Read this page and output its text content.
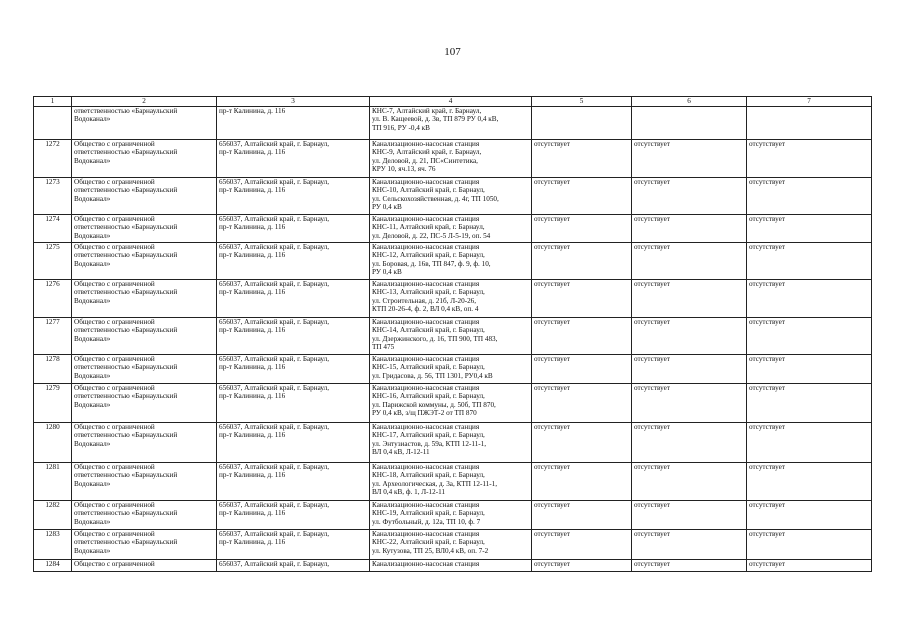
107
1	2	3	4	5	6	7

	ответственностью «Барнаульский
Водоканал»	пр-т Калинина, д. 116	КНС-7, Алтайский край, г. Барнаул,
ул. В. Кащеевой, д. 3в, ТП 879 РУ 0,4 кВ,
ТП 916, РУ -0,4 кВ			

1272	Общество с ограниченной
ответственностью «Барнаульский
Водоканал»	656037, Алтайский край, г. Барнаул,
пр-т Калинина, д. 116	Канализационно-насосная станция
КНС-9, Алтайский край, г. Барнаул,
ул. Деловой, д. 21, ПС«Синтетика,
КРУ 10, яч.13, яч. 76	отсутствует	отсутствует	отсутствует

1273	Общество с ограниченной
ответственностью «Барнаульский
Водоканал»	656037, Алтайский край, г. Барнаул,
пр-т Калинина, д. 116	Канализационно-насосная станция
КНС-10, Алтайский край, г. Барнаул,
ул. Сельскохозяйственная, д. 4г, ТП 1050,
РУ 0,4 кВ	отсутствует	отсутствует	отсутствует

1274	Общество с ограниченной
ответственностью «Барнаульский
Водоканал»	656037, Алтайский край, г. Барнаул,
пр-т Калинина, д. 116	Канализационно-насосная станция
КНС-11, Алтайский край, г. Барнаул,
ул. Деловой, д. 22, ПС-5 Л-5-19, оп. 54	отсутствует	отсутствует	отсутствует

1275	Общество с ограниченной
ответственностью «Барнаульский
Водоканал»	656037, Алтайский край, г. Барнаул,
пр-т Калинина, д. 116	Канализационно-насосная станция
КНС-12, Алтайский край, г. Барнаул,
ул. Боровая, д. 16в, ТП 847, ф. 9, ф. 10,
РУ 0,4 кВ	отсутствует	отсутствует	отсутствует

1276	Общество с ограниченной
ответственностью «Барнаульский
Водоканал»	656037, Алтайский край, г. Барнаул,
пр-т Калинина, д. 116	Канализационно-насосная станция
КНС-13, Алтайский край, г. Барнаул,
ул. Строительная, д. 21б, Л-20-26,
КТП 20-26-4, ф. 2, ВЛ 0,4 кВ, оп. 4	отсутствует	отсутствует	отсутствует

1277	Общество с ограниченной
ответственностью «Барнаульский
Водоканал»	656037, Алтайский край, г. Барнаул,
пр-т Калинина, д. 116	Канализационно-насосная станция
КНС-14, Алтайский край, г. Барнаул,
ул. Дзержинского, д. 16, ТП 900, ТП 483,
ТП 475	отсутствует	отсутствует	отсутствует

1278	Общество с ограниченной
ответственностью «Барнаульский
Водоканал»	656037, Алтайский край, г. Барнаул,
пр-т Калинина, д. 116	Канализационно-насосная станция
КНС-15, Алтайский край, г. Барнаул,
ул. Гридасова, д. 56, ТП 1301, РУ0,4 кВ	отсутствует	отсутствует	отсутствует

1279	Общество с ограниченной
ответственностью «Барнаульский
Водоканал»	656037, Алтайский край, г. Барнаул,
пр-т Калинина, д. 116	Канализационно-насосная станция
КНС-16, Алтайский край, г. Барнаул,
ул. Парижской коммуны, д. 50б, ТП 870,
РУ 0,4 кВ, з/щ ПЖЭТ-2 от ТП 870	отсутствует	отсутствует	отсутствует

1280	Общество с ограниченной
ответственностью «Барнаульский
Водоканал»	656037, Алтайский край, г. Барнаул,
пр-т Калинина, д. 116	Канализационно-насосная станция
КНС-17, Алтайский край, г. Барнаул,
ул. Энтузиастов, д. 59а, КТП 12-11-1,
ВЛ 0,4 кВ, Л-12-11	отсутствует	отсутствует	отсутствует

1281	Общество с ограниченной
ответственностью «Барнаульский
Водоканал»	656037, Алтайский край, г. Барнаул,
пр-т Калинина, д. 116	Канализационно-насосная станция
КНС-18, Алтайский край, г. Барнаул,
ул. Археологическая, д. 3а, КТП 12-11-1,
ВЛ 0,4 кВ, ф. 1, Л-12-11	отсутствует	отсутствует	отсутствует

1282	Общество с ограниченной
ответственностью «Барнаульский
Водоканал»	656037, Алтайский край, г. Барнаул,
пр-т Калинина, д. 116	Канализационно-насосная станция
КНС-19, Алтайский край, г. Барнаул,
ул. Футбольный, д. 12а, ТП 10, ф. 7	отсутствует	отсутствует	отсутствует

1283	Общество с ограниченной
ответственностью «Барнаульский
Водоканал»	656037, Алтайский край, г. Барнаул,
пр-т Калинина, д. 116	Канализационно-насосная станция
КНС-22, Алтайский край, г. Барнаул,
ул. Кутузова, ТП 25, ВЛ0,4 кВ, оп. 7-2	отсутствует	отсутствует	отсутствует

1284	Общество с ограниченной	656037, Алтайский край, г. Барнаул,	Канализационно-насосная станция	отсутствует	отсутствует	отсутствует
